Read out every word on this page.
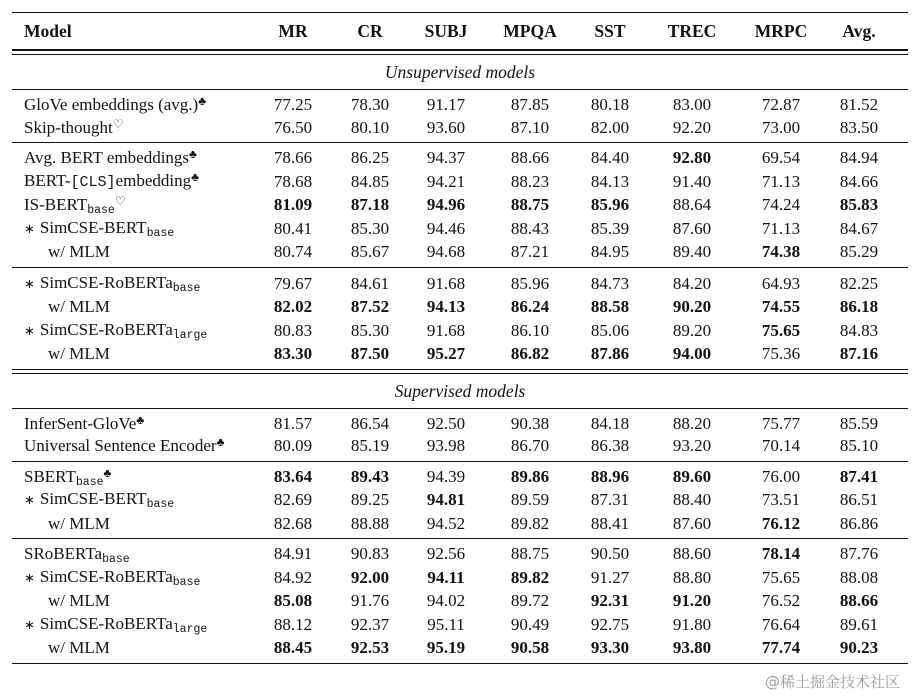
Model	MR	CR	SUBJ	MPQA	SST	TREC	MRPC	Avg.
Unsupervised models
GloVe embeddings (avg.)♣	77.25	78.30	91.17	87.85	80.18	83.00	72.87	81.52
Skip-thought♡	76.50	80.10	93.60	87.10	82.00	92.20	73.00	83.50
Avg. BERT embeddings♣	78.66	86.25	94.37	88.66	84.40	92.80	69.54	84.94
BERT-[CLS]embedding♣	78.68	84.85	94.21	88.23	84.13	91.40	71.13	84.66
$IS-BERT_{base}^♡$	81.09	87.18	94.96	88.75	85.96	88.64	74.24	85.83
∗ SimCSE-$BERT_{base}$	80.41	85.30	94.46	88.43	85.39	87.60	71.13	84.67
w/ MLM	80.74	85.67	94.68	87.21	84.95	89.40	74.38	85.29
∗ SimCSE-RoBERTa$_{base}$	79.67	84.61	91.68	85.96	84.73	84.20	64.93	82.25
w/ MLM	82.02	87.52	94.13	86.24	88.58	90.20	74.55	86.18
∗ SimCSE-RoBERTa$_{large}$	80.83	85.30	91.68	86.10	85.06	89.20	75.65	84.83
w/ MLM	83.30	87.50	95.27	86.82	87.86	94.00	75.36	87.16
Supervised models
InferSent-GloVe♣	81.57	86.54	92.50	90.38	84.18	88.20	75.77	85.59
Universal Sentence Encoder♣	80.09	85.19	93.98	86.70	86.38	93.20	70.14	85.10
$SBERT_{base}^♣$	83.64	89.43	94.39	89.86	88.96	89.60	76.00	87.41
∗ SimCSE-$BERT_{base}$	82.69	89.25	94.81	89.59	87.31	88.40	73.51	86.51
w/ MLM	82.68	88.88	94.52	89.82	88.41	87.60	76.12	86.86
SRoBERTa$_{base}$	84.91	90.83	92.56	88.75	90.50	88.60	78.14	87.76
∗ SimCSE-RoBERTa$_{base}$	84.92	92.00	94.11	89.82	91.27	88.80	75.65	88.08
w/ MLM	85.08	91.76	94.02	89.72	92.31	91.20	76.52	88.66
∗ SimCSE-RoBERTa$_{large}$	88.12	92.37	95.11	90.49	92.75	91.80	76.64	89.61
w/ MLM	88.45	92.53	95.19	90.58	93.30	93.80	77.74	90.23
@稀土掘金技术社区
